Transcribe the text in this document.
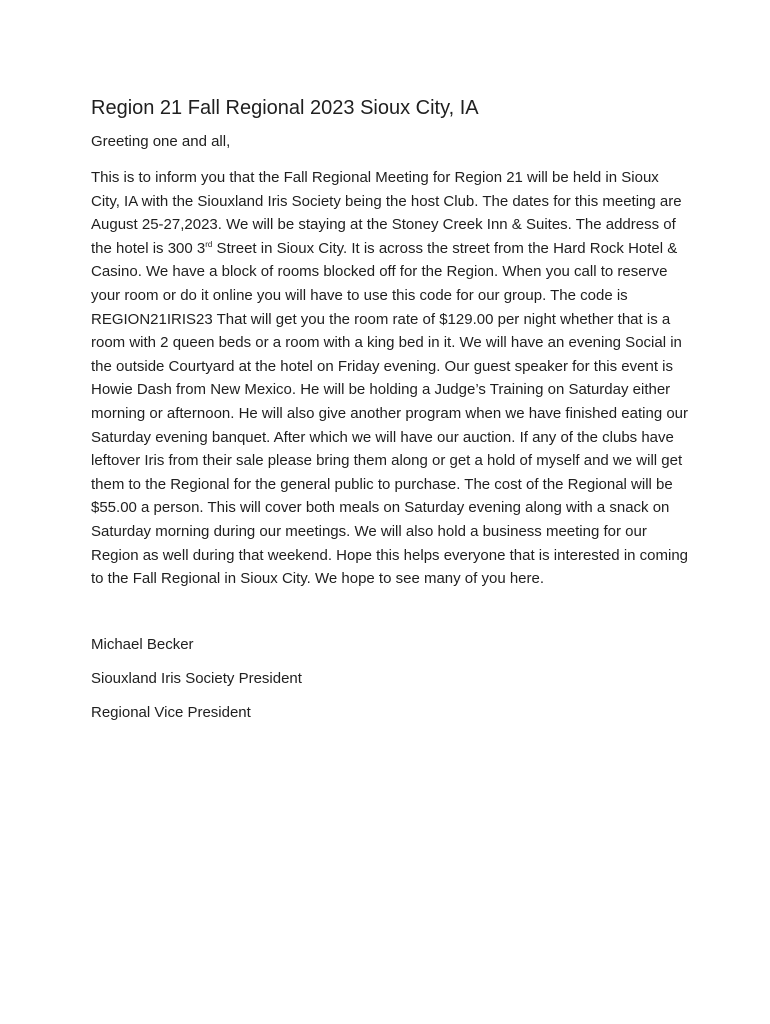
Region 21 Fall Regional 2023 Sioux City, IA

Greeting one and all,

This is to inform you that the Fall Regional Meeting for Region 21 will be held in Sioux City, IA with the Siouxland Iris Society being the host Club. The dates for this meeting are August 25-27,2023. We will be staying at the Stoney Creek Inn & Suites. The address of the hotel is 300 3rd Street in Sioux City. It is across the street from the Hard Rock Hotel & Casino. We have a block of rooms blocked off for the Region. When you call to reserve your room or do it online you will have to use this code for our group. The code is REGION21IRIS23 That will get you the room rate of $129.00 per night whether that is a room with 2 queen beds or a room with a king bed in it. We will have an evening Social in the outside Courtyard at the hotel on Friday evening. Our guest speaker for this event is Howie Dash from New Mexico. He will be holding a Judge’s Training on Saturday either morning or afternoon. He will also give another program when we have finished eating our Saturday evening banquet. After which we will have our auction. If any of the clubs have leftover Iris from their sale please bring them along or get a hold of myself and we will get them to the Regional for the general public to purchase. The cost of the Regional will be $55.00 a person. This will cover both meals on Saturday evening along with a snack on Saturday morning during our meetings. We will also hold a business meeting for our Region as well during that weekend. Hope this helps everyone that is interested in coming to the Fall Regional in Sioux City. We hope to see many of you here.

Michael Becker

Siouxland Iris Society President

Regional Vice President
